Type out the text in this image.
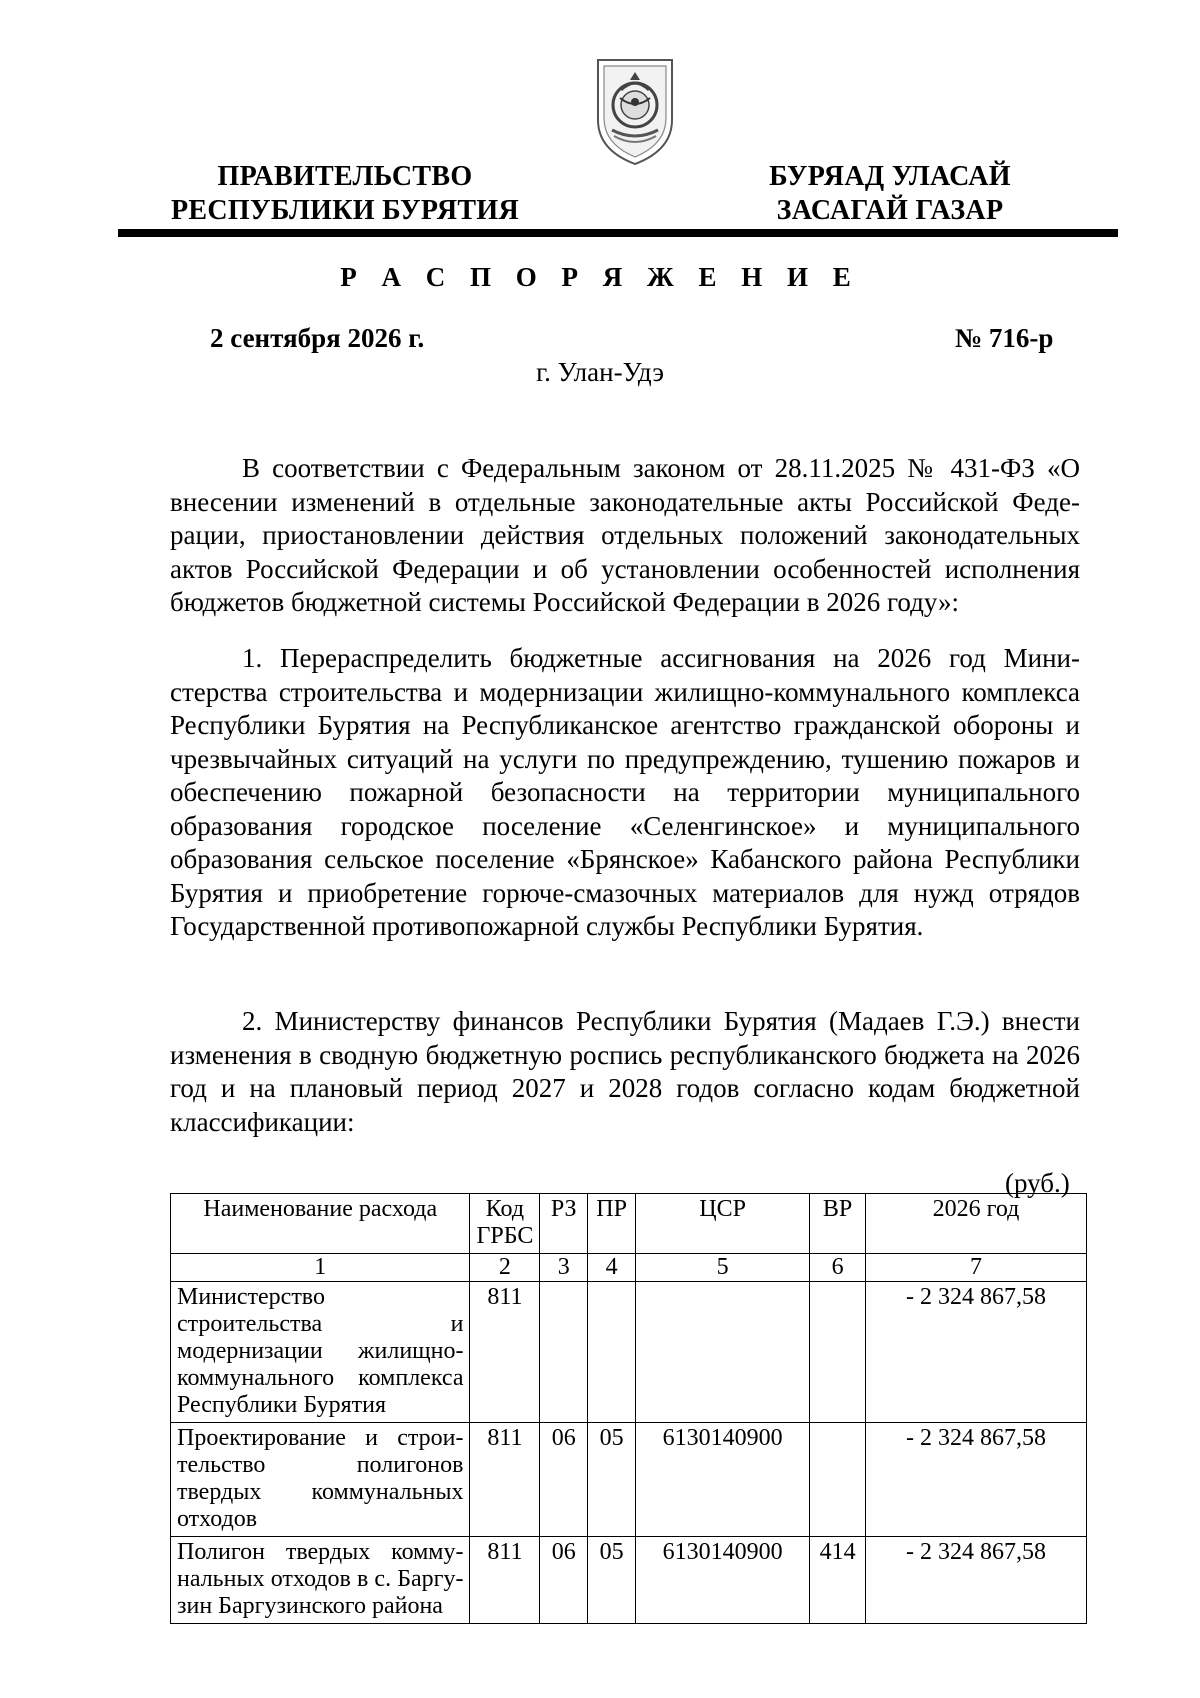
ПРАВИТЕЛЬСТВО
РЕСПУБЛИКИ БУРЯТИЯ
БУРЯАД УЛАСАЙ
ЗАСАГАЙ ГАЗАР
Р А С П О Р Я Ж Е Н И Е
2 сентября 2026 г.	№ 716-р
г. Улан-Удэ

В соответствии с Федеральным законом от 28.11.2025 № 431-ФЗ «О внесении изменений в отдельные законодательные акты Российской Федерации, приостановлении действия отдельных положений законодательных актов Российской Федерации и об установлении особенностей исполнения бюджетов бюджетной системы Российской Федерации в 2026 году»:

1. Перераспределить бюджетные ассигнования на 2026 год Министерства строительства и модернизации жилищно-коммунального комплекса Республики Бурятия на Республиканское агентство гражданской обороны и чрезвычайных ситуаций на услуги по предупреждению, тушению пожаров и обеспечению пожарной безопасности на территории муниципального образования городское поселение «Селенгинское» и муниципального образования сельское поселение «Брянское» Кабанского района Республики Бурятия и приобретение горюче-смазочных материалов для нужд отрядов Государственной противопожарной службы Республики Бурятия.

2. Министерству финансов Республики Бурятия (Мадаев Г.Э.) внести изменения в сводную бюджетную роспись республиканского бюджета на 2026 год и на плановый период 2027 и 2028 годов согласно кодам бюджетной классификации:

(руб.)
Наименование расхода	Код ГРБС	РЗ	ПР	ЦСР	ВР	2026 год
1	2	3	4	5	6	7
Министерство строительства и модернизации жилищно-коммунального комплекса Республики Бурятия	811					- 2 324 867,58
Проектирование и строительство полигонов твердых коммунальных отходов	811	06	05	6130140900		- 2 324 867,58
Полигон твердых коммунальных отходов в с. Баргузин Баргузинского района	811	06	05	6130140900	414	- 2 324 867,58
